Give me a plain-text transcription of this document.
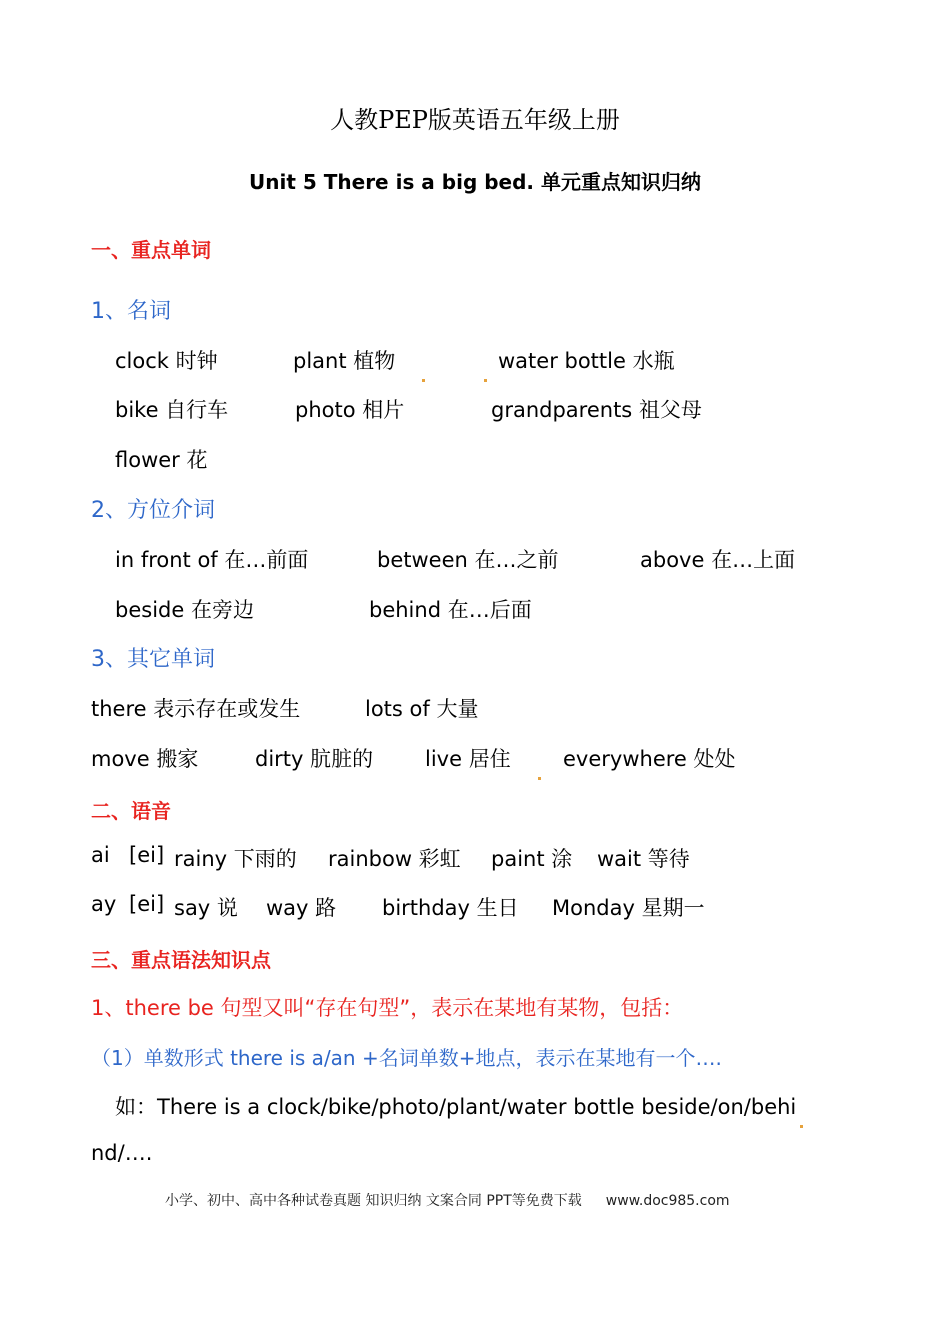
人教PEP版英语五年级上册
Unit 5 There is a big bed. 单元重点知识归纳
一、重点单词
1、名词
clock 时钟	plant 植物	water bottle 水瓶
bike 自行车	photo 相片	grandparents 祖父母
flower 花
2、方位介词
in front of 在…前面	between 在…之前	above 在…上面
beside 在旁边	behind 在…后面
3、其它单词
there 表示存在或发生	lots of 大量
move 搬家	dirty 肮脏的 live 居住 everywhere 处处
二、语音
ai [ei] rainy 下雨的 rainbow 彩虹 paint 涂 wait 等待
ay [ei] say 说 way 路 birthday 生日 Monday 星期一
三、重点语法知识点
1、there be 句型又叫“存在句型”，表示在某地有某物，包括：
（1）单数形式 there is a/an +名词单数+地点，表示在某地有一个….
如：There is a clock/bike/photo/plant/water bottle beside/on/behi
nd/….
小学、初中、高中各种试卷真题 知识归纳 文案合同 PPT等免费下载 www.doc985.com
